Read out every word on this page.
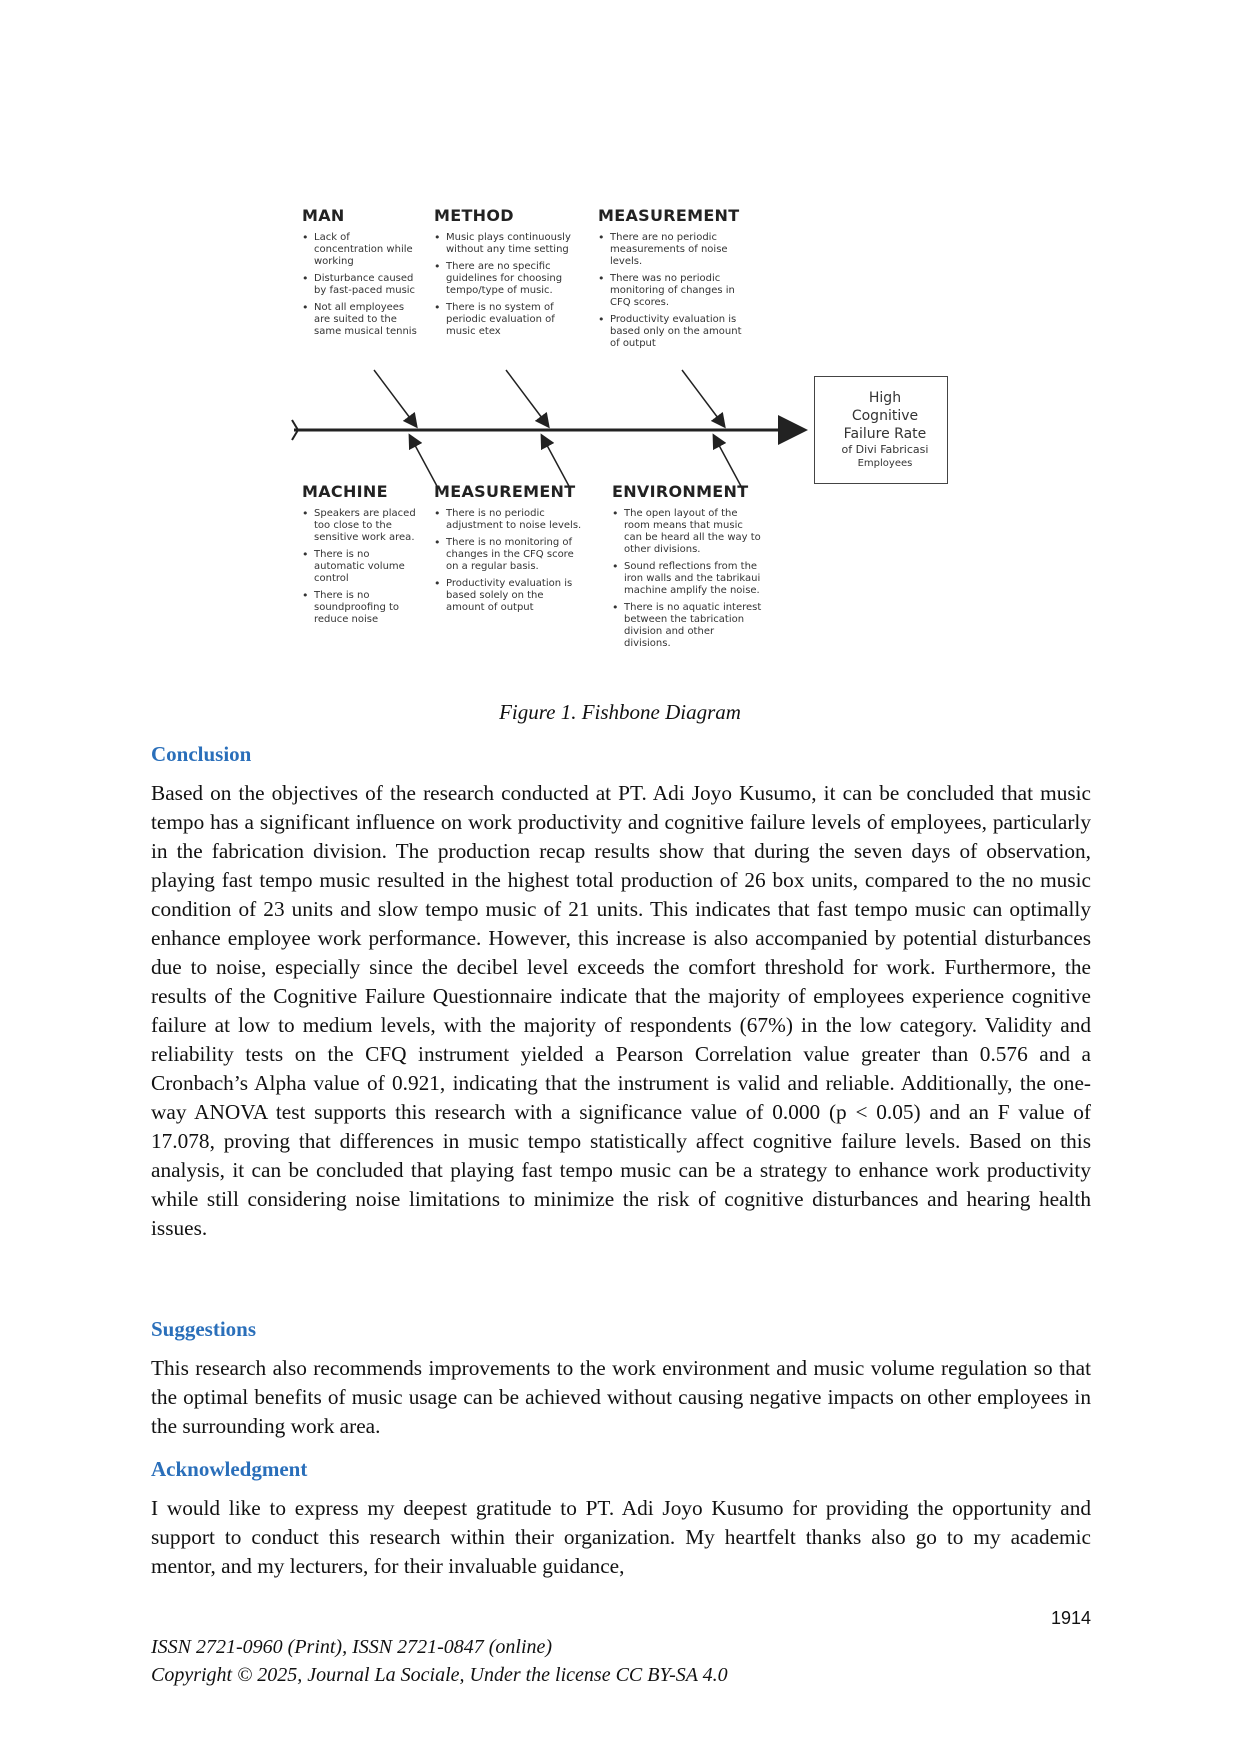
MAN
• Lack of concentration while working
• Disturbance caused by fast-paced music
• Not all employees are suited to the same musical tennis
METHOD
• Music plays continuously without any time setting
• There are no specific guidelines for choosing tempo/type of music.
• There is no system of periodic evaluation of music etex
MEASUREMENT
• There are no periodic measurements of noise levels.
• There was no periodic monitoring of changes in CFQ scores.
• Productivity evaluation is based only on the amount of output
MACHINE
• Speakers are placed too close to the sensitive work area.
• There is no automatic volume control
• There is no soundproofing to reduce noise
MEASUREMENT
• There is no periodic adjustment to noise levels.
• There is no monitoring of changes in the CFQ score on a regular basis.
• Productivity evaluation is based solely on the amount of output
ENVIRONMENT
• The open layout of the room means that music can be heard all the way to other divisions.
• Sound reflections from the iron walls and the tabrikaui machine amplify the noise.
• There is no aquatic interest between the tabrication division and other divisions.
High
Cognitive
Failure Rate
of Divi Fabricasi
Employees
Figure 1. Fishbone Diagram
Conclusion

Based on the objectives of the research conducted at PT. Adi Joyo Kusumo, it can be concluded that music tempo has a significant influence on work productivity and cognitive failure levels of employees, particularly in the fabrication division. The production recap results show that during the seven days of observation, playing fast tempo music resulted in the highest total production of 26 box units, compared to the no music condition of 23 units and slow tempo music of 21 units. This indicates that fast tempo music can optimally enhance employee work performance. However, this increase is also accompanied by potential disturbances due to noise, especially since the decibel level exceeds the comfort threshold for work. Furthermore, the results of the Cognitive Failure Questionnaire indicate that the majority of employees experience cognitive failure at low to medium levels, with the majority of respondents (67%) in the low category. Validity and reliability tests on the CFQ instrument yielded a Pearson Correlation value greater than 0.576 and a Cronbach’s Alpha value of 0.921, indicating that the instrument is valid and reliable. Additionally, the one-way ANOVA test supports this research with a significance value of 0.000 (p < 0.05) and an F value of 17.078, proving that differences in music tempo statistically affect cognitive failure levels. Based on this analysis, it can be concluded that playing fast tempo music can be a strategy to enhance work productivity while still considering noise limitations to minimize the risk of cognitive disturbances and hearing health issues.

Suggestions

This research also recommends improvements to the work environment and music volume regulation so that the optimal benefits of music usage can be achieved without causing negative impacts on other employees in the surrounding work area.

Acknowledgment

I would like to express my deepest gratitude to PT. Adi Joyo Kusumo for providing the opportunity and support to conduct this research within their organization. My heartfelt thanks also go to my academic mentor, and my lecturers, for their invaluable guidance,

1914
ISSN 2721-0960 (Print), ISSN 2721-0847 (online)
Copyright © 2025, Journal La Sociale, Under the license CC BY-SA 4.0
